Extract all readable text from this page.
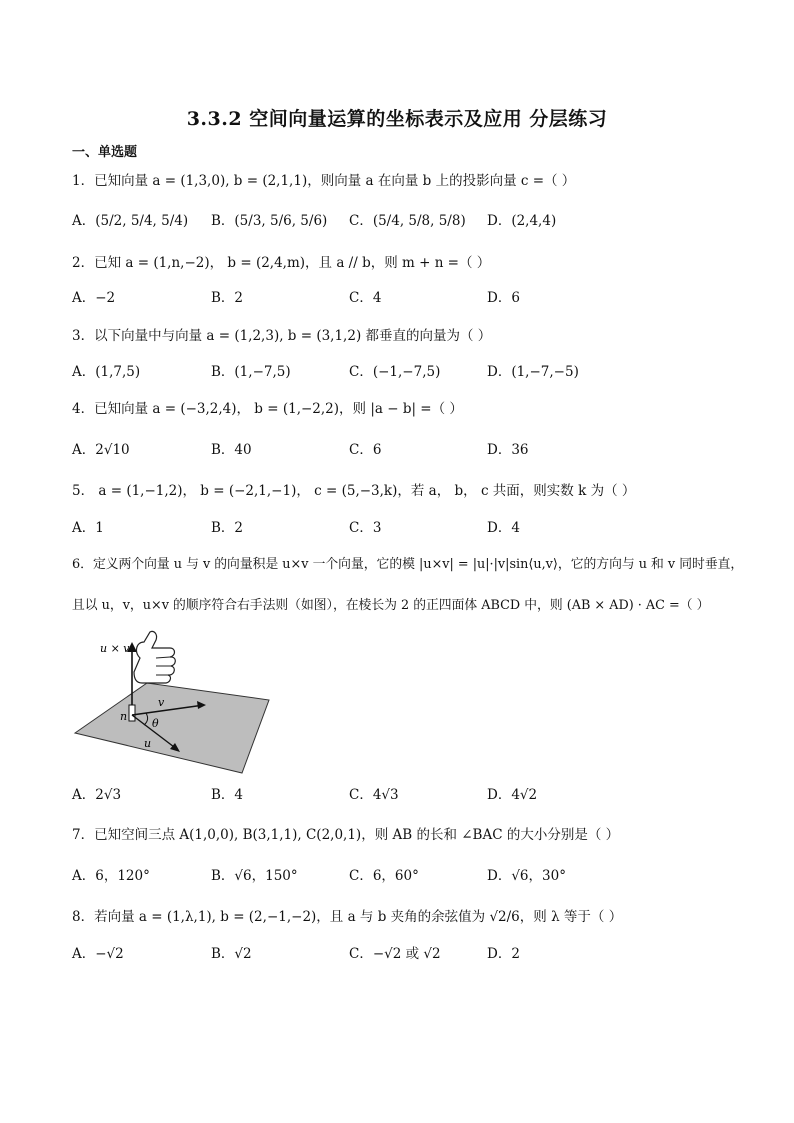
3.3.2 空间向量运算的坐标表示及应用 分层练习
一、单选题
1．已知向量 a = (1,3,0), b = (2,1,1)，则向量 a 在向量 b 上的投影向量 c =（ ）
A．(5/2, 5/4, 5/4) B．(5/3, 5/6, 5/6) C．(5/4, 5/8, 5/8) D．(2,4,4)
2．已知 a = (1,n,−2)， b = (2,4,m)，且 a // b，则 m + n =（ ）
A．−2	B．2	C．4	D．6
3．以下向量中与向量 a = (1,2,3), b = (3,1,2) 都垂直的向量为（ ）
A．(1,7,5)	B．(1,−7,5)	C．(−1,−7,5)	D．(1,−7,−5)
4．已知向量 a = (−3,2,4)， b = (1,−2,2)，则 |a − b| =（ ）
A．2√10	B．40	C．6	D．36
5． a = (1,−1,2)， b = (−2,1,−1)， c = (5,−3,k)，若 a， b， c 共面，则实数 k 为（ ）
A．1	B．2	C．3	D．4
6．定义两个向量 u 与 v 的向量积是 u×v 一个向量，它的模 |u×v| = |u|·|v|sin⟨u,v⟩，它的方向与 u 和 v 同时垂直，
且以 u，v，u×v 的顺序符合右手法则（如图），在棱长为 2 的正四面体 ABCD 中，则 (AB × AD) · AC =（ ）
u × v
n
v
θ
u
A．2√3	B．4	C．4√3	D．4√2
7．已知空间三点 A(1,0,0), B(3,1,1), C(2,0,1)，则 AB 的长和 ∠BAC 的大小分别是（ ）
A．6，120°	B．√6，150°	C．6，60°	D．√6，30°
8．若向量 a = (1,λ,1), b = (2,−1,−2)，且 a 与 b 夹角的余弦值为 √2/6，则 λ 等于（ ）
A．−√2	B．√2	C．−√2 或 √2	D．2
